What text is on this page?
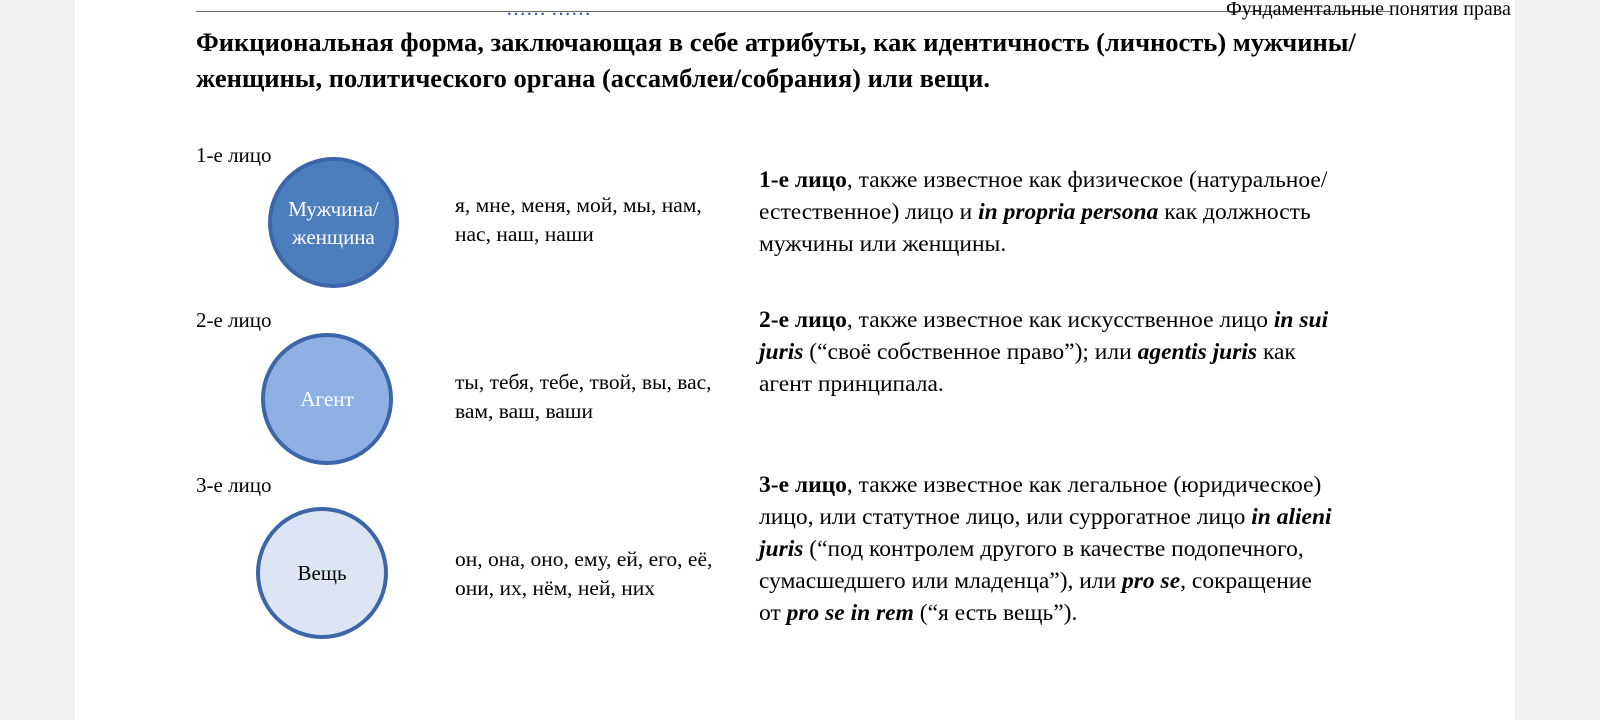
…… ……	Фундаментальные понятия права
Фикциональная форма, заключающая в себе атрибуты, как идентичность (личность) мужчины/женщины, политического органа (ассамблеи/собрания) или вещи.
1-е лицо
Мужчина/ женщина
я, мне, меня, мой, мы, нам, нас, наш, наши
1-е лицо, также известное как физическое (натуральное/естественное) лицо и in propria persona как должность мужчины или женщины.
2-е лицо
Агент
ты, тебя, тебе, твой, вы, вас, вам, ваш, ваши
2-е лицо, также известное как искусственное лицо in sui juris (“своё собственное право”); или agentis juris как агент принципала.
3-е лицо
Вещь
он, она, оно, ему, ей, его, её, они, их, нём, ней, них
3-е лицо, также известное как легальное (юридическое) лицо, или статутное лицо, или суррогатное лицо in alieni juris (“под контролем другого в качестве подопечного, сумасшедшего или младенца”), или pro se, сокращение от pro se in rem (“я есть вещь”).
